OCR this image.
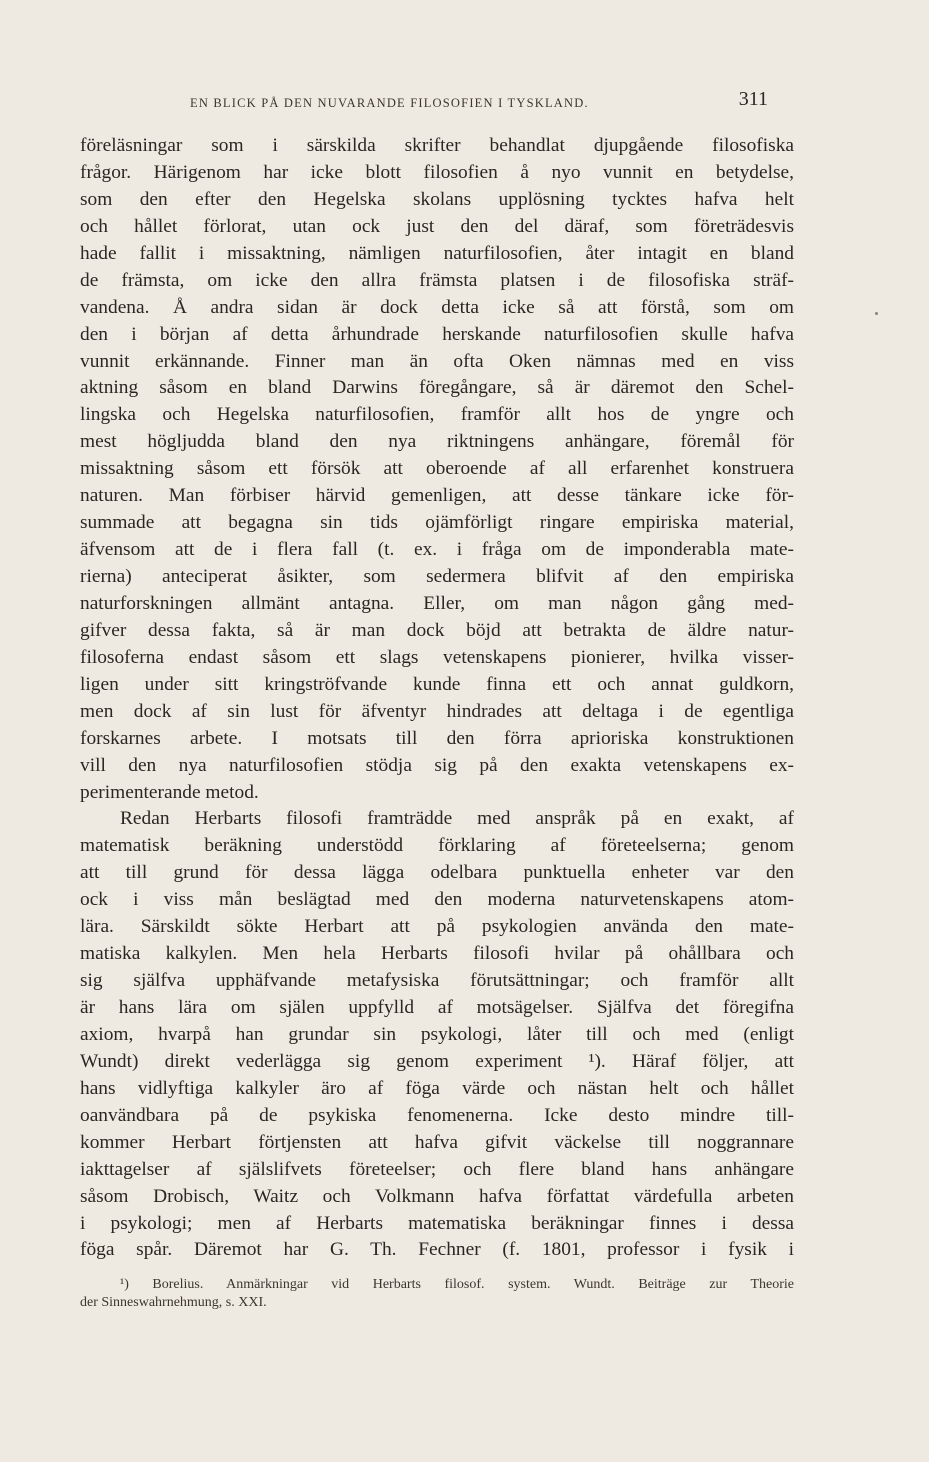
EN BLICK PÅ DEN NUVARANDE FILOSOFIEN I TYSKLAND.	311
föreläsningar som i särskilda skrifter behandlat djupgående filosofiska
frågor. Härigenom har icke blott filosofien å nyo vunnit en betydelse,
som den efter den Hegelska skolans upplösning tycktes hafva helt
och hållet förlorat, utan ock just den del däraf, som företrädesvis
hade fallit i missaktning, nämligen naturfilosofien, åter intagit en bland
de främsta, om icke den allra främsta platsen i de filosofiska sträf-
vandena. Å andra sidan är dock detta icke så att förstå, som om
den i början af detta århundrade herskande naturfilosofien skulle hafva
vunnit erkännande. Finner man än ofta Oken nämnas med en viss
aktning såsom en bland Darwins föregångare, så är däremot den Schel-
lingska och Hegelska naturfilosofien, framför allt hos de yngre och
mest högljudda bland den nya riktningens anhängare, föremål för
missaktning såsom ett försök att oberoende af all erfarenhet konstruera
naturen. Man förbiser härvid gemenligen, att desse tänkare icke för-
summade att begagna sin tids ojämförligt ringare empiriska material,
äfvensom att de i flera fall (t. ex. i fråga om de imponderabla mate-
rierna) anteciperat åsikter, som sedermera blifvit af den empiriska
naturforskningen allmänt antagna. Eller, om man någon gång med-
gifver dessa fakta, så är man dock böjd att betrakta de äldre natur-
filosoferna endast såsom ett slags vetenskapens pionierer, hvilka visser-
ligen under sitt kringströfvande kunde finna ett och annat guldkorn,
men dock af sin lust för äfventyr hindrades att deltaga i de egentliga
forskarnes arbete. I motsats till den förra aprioriska konstruktionen
vill den nya naturfilosofien stödja sig på den exakta vetenskapens ex-
perimenterande metod.
Redan Herbarts filosofi framträdde med anspråk på en exakt, af
matematisk beräkning understödd förklaring af företeelserna; genom
att till grund för dessa lägga odelbara punktuella enheter var den
ock i viss mån beslägtad med den moderna naturvetenskapens atom-
lära. Särskildt sökte Herbart att på psykologien använda den mate-
matiska kalkylen. Men hela Herbarts filosofi hvilar på ohållbara och
sig själfva upphäfvande metafysiska förutsättningar; och framför allt
är hans lära om själen uppfylld af motsägelser. Själfva det föregifna
axiom, hvarpå han grundar sin psykologi, låter till och med (enligt
Wundt) direkt vederlägga sig genom experiment ¹). Häraf följer, att
hans vidlyftiga kalkyler äro af föga värde och nästan helt och hållet
oanvändbara på de psykiska fenomenerna. Icke desto mindre till-
kommer Herbart förtjensten att hafva gifvit väckelse till noggrannare
iakttagelser af själslifvets företeelser; och flere bland hans anhängare
såsom Drobisch, Waitz och Volkmann hafva författat värdefulla arbeten
i psykologi; men af Herbarts matematiska beräkningar finnes i dessa
föga spår. Däremot har G. Th. Fechner (f. 1801, professor i fysik i
¹) Borelius. Anmärkningar vid Herbarts filosof. system. Wundt. Beiträge zur Theorie
der Sinneswahrnehmung, s. XXI.
